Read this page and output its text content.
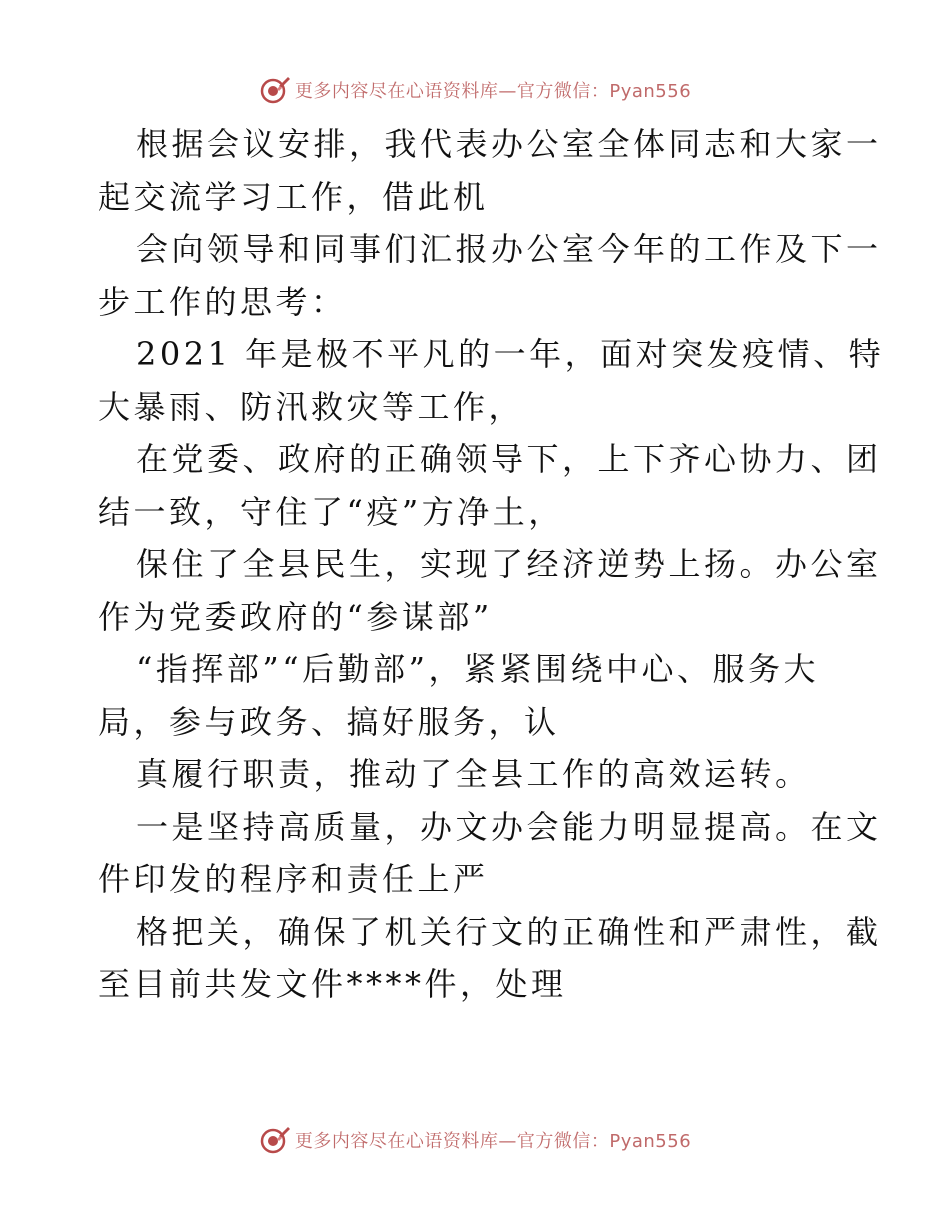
更多内容尽在心语资料库—官方微信：Pyan556
根据会议安排，我代表办公室全体同志和大家一
起交流学习工作，借此机
会向领导和同事们汇报办公室今年的工作及下一
步工作的思考：
2021 年是极不平凡的一年，面对突发疫情、特
大暴雨、防汛救灾等工作，
在党委、政府的正确领导下，上下齐心协力、团
结一致，守住了“疫”方净土，
保住了全县民生，实现了经济逆势上扬。办公室
作为党委政府的“参谋部”
“指挥部”“后勤部”，紧紧围绕中心、服务大
局，参与政务、搞好服务，认
真履行职责，推动了全县工作的高效运转。
一是坚持高质量，办文办会能力明显提高。在文
件印发的程序和责任上严
格把关，确保了机关行文的正确性和严肃性，截
至目前共发文件****件，处理
更多内容尽在心语资料库—官方微信：Pyan556
